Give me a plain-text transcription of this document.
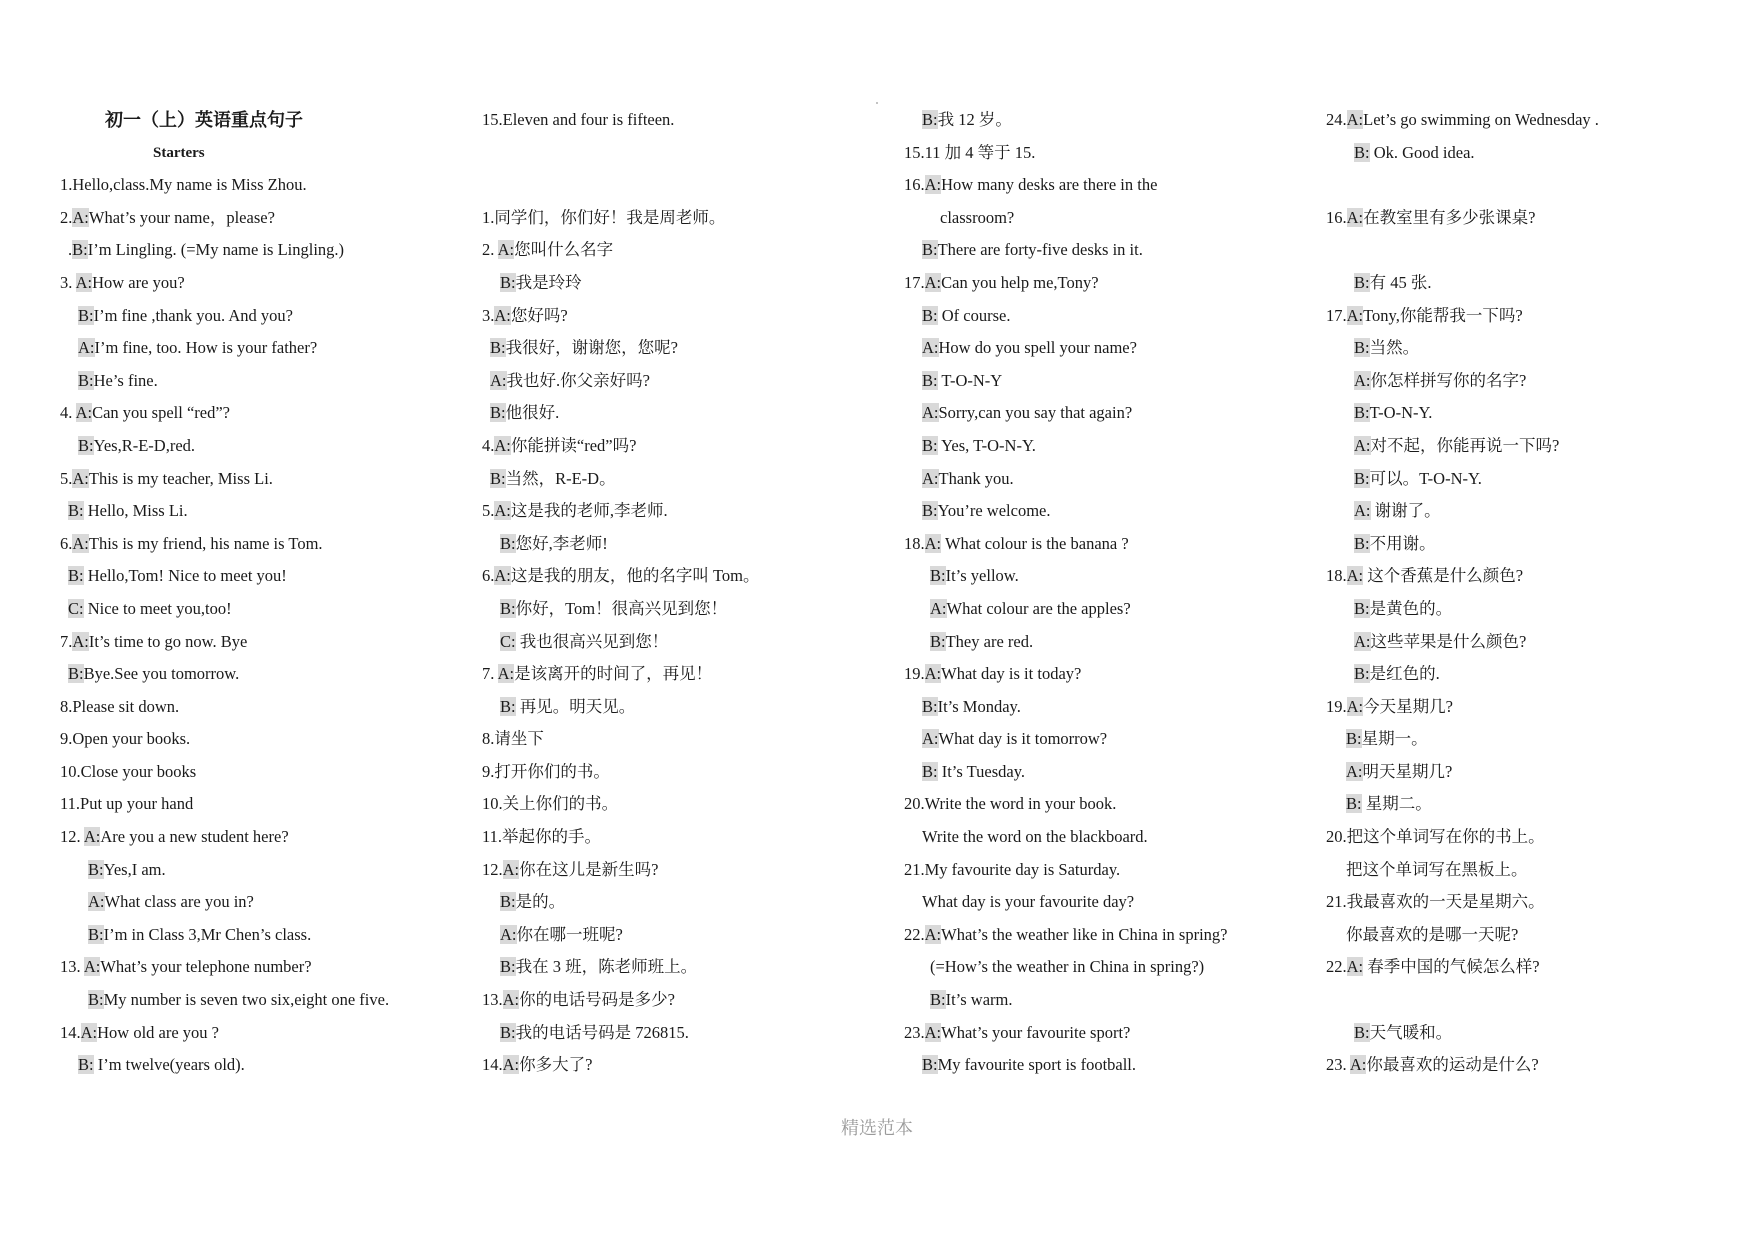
初一（上）英语重点句子
Starters
1.Hello,class.My name is Miss Zhou.
2.A:What’s your name，please?
.B:I’m Lingling. (=My name is Lingling.)
3. A:How are you?
B:I’m fine ,thank you. And you?
A:I’m fine, too. How is your father?
B:He’s fine.
4. A:Can you spell “red”?
B:Yes,R-E-D,red.
5.A:This is my teacher, Miss Li.
B: Hello, Miss Li.
6.A:This is my friend, his name is Tom.
B: Hello,Tom! Nice to meet you!
C: Nice to meet you,too!
7.A:It’s time to go now. Bye
B:Bye.See you tomorrow.
8.Please sit down.
9.Open your books.
10.Close your books
11.Put up your hand
12. A:Are you a new student here?
B:Yes,I am.
A:What class are you in?
B:I’m in Class 3,Mr Chen’s class.
13. A:What’s your telephone number?
B:My number is seven two six,eight one five.
14.A:How old are you ?
B: I’m twelve(years old).
15.Eleven and four is fifteen.
1.同学们，你们好！我是周老师。
2. A:您叫什么名字
B:我是玲玲
3.A:您好吗?
B:我很好，谢谢您，您呢?
A:我也好.你父亲好吗?
B:他很好.
4.A:你能拼读“red”吗?
B:当然，R-E-D。
5.A:这是我的老师,李老师.
B:您好,李老师!
6.A:这是我的朋友，他的名字叫 Tom。
B:你好，Tom！很高兴见到您！
C: 我也很高兴见到您！
7. A:是该离开的时间了，再见！
B: 再见。明天见。
8.请坐下
9.打开你们的书。
10.关上你们的书。
11.举起你的手。
12.A:你在这儿是新生吗?
B:是的。
A:你在哪一班呢?
B:我在 3 班，陈老师班上。
13.A:你的电话号码是多少?
B:我的电话号码是 726815.
14.A:你多大了?
B:我 12 岁。
15.11 加 4 等于 15.
16.A:How many desks are there in the
classroom?
B:There are forty-five desks in it.
17.A:Can you help me,Tony?
B: Of course.
A:How do you spell your name?
B: T-O-N-Y
A:Sorry,can you say that again?
B: Yes, T-O-N-Y.
A:Thank you.
B:You’re welcome.
18.A: What colour is the banana ?
B:It’s yellow.
A:What colour are the apples?
B:They are red.
19.A:What day is it today?
B:It’s Monday.
A:What day is it tomorrow?
B: It’s Tuesday.
20.Write the word in your book.
Write the word on the blackboard.
21.My favourite day is Saturday.
What day is your favourite day?
22.A:What’s the weather like in China in spring?
(=How’s the weather in China in spring?)
B:It’s warm.
23.A:What’s your favourite sport?
B:My favourite sport is football.
24.A:Let’s go swimming on Wednesday .
B: Ok. Good idea.
16.A:在教室里有多少张课桌?
B:有 45 张.
17.A:Tony,你能帮我一下吗?
B:当然。
A:你怎样拼写你的名字?
B:T-O-N-Y.
A:对不起，你能再说一下吗?
B:可以。T-O-N-Y.
A: 谢谢了。
B:不用谢。
18.A: 这个香蕉是什么颜色?
B:是黄色的。
A:这些苹果是什么颜色?
B:是红色的.
19.A:今天星期几?
B:星期一。
A:明天星期几?
B: 星期二。
20.把这个单词写在你的书上。
把这个单词写在黑板上。
21.我最喜欢的一天是星期六。
你最喜欢的是哪一天呢?
22.A: 春季中国的气候怎么样?
B:天气暖和。
23. A:你最喜欢的运动是什么?
精选范本
